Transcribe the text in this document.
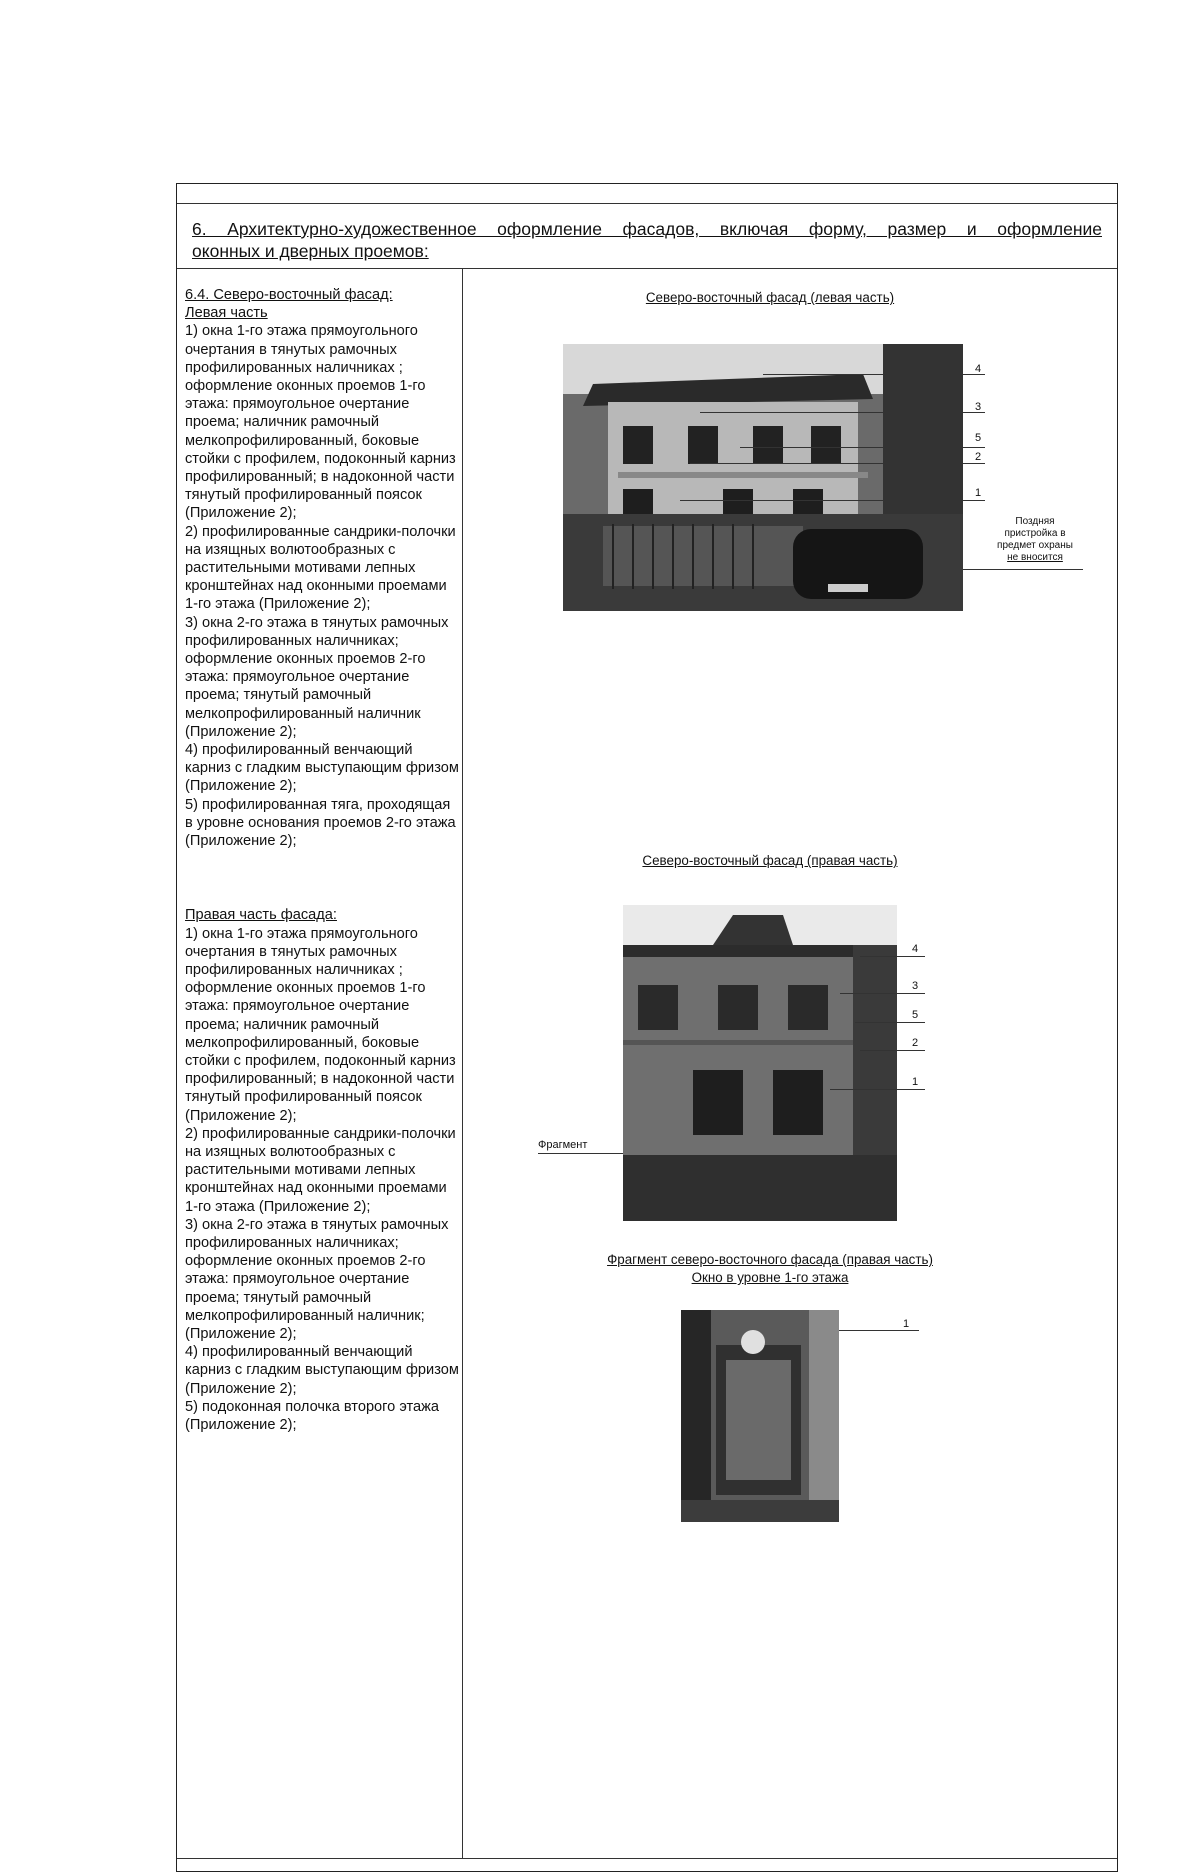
6. Архитектурно-художественное оформление фасадов, включая форму, размер и оформление
оконных и дверных проемов:

6.4. Северо-восточный фасад:

Левая часть

1) окна 1-го этажа прямоугольного очертания в тянутых рамочных профилированных наличниках ; оформление оконных проемов 1-го этажа: прямоугольное очертание проема; наличник рамочный мелкопрофилированный, боковые стойки с профилем, подоконный карниз профилированный; в надоконной части тянутый профилированный поясок (Приложение 2);

2) профилированные сандрики-полочки на изящных волютообразных с растительными мотивами лепных кронштейнах над оконными проемами 1-го этажа (Приложение 2);

3) окна 2-го этажа в тянутых рамочных профилированных наличниках; оформление оконных проемов 2-го этажа: прямоугольное очертание проема; тянутый рамочный мелкопрофилированный наличник (Приложение 2);

4) профилированный венчающий карниз с гладким выступающим фризом (Приложение 2);

5) профилированная тяга, проходящая в уровне основания проемов 2-го этажа (Приложение 2);

Правая часть фасада:

1) окна 1-го этажа прямоугольного очертания в тянутых рамочных профилированных наличниках ; оформление оконных проемов 1-го этажа: прямоугольное очертание проема; наличник рамочный мелкопрофилированный, боковые стойки с профилем, подоконный карниз профилированный; в надоконной части тянутый профилированный поясок (Приложение 2);

2) профилированные сандрики-полочки на изящных волютообразных с растительными мотивами лепных кронштейнах над оконными проемами 1-го этажа (Приложение 2);

3) окна 2-го этажа в тянутых рамочных профилированных наличниках; оформление оконных проемов 2-го этажа: прямоугольное очертание проема; тянутый рамочный мелкопрофилированный наличник; (Приложение 2);

4) профилированный венчающий карниз с гладким выступающим фризом (Приложение 2);

5) подоконная полочка второго этажа (Приложение 2);

Северо-восточный фасад (левая часть)
4
3
5
2
1
Поздняя
пристройка в
предмет охраны
не вносится
Северо-восточный фасад (правая часть)
4
3
5
2
1
Фрагмент
Фрагмент северо-восточного фасада (правая часть)
Окно в уровне 1-го этажа
1
